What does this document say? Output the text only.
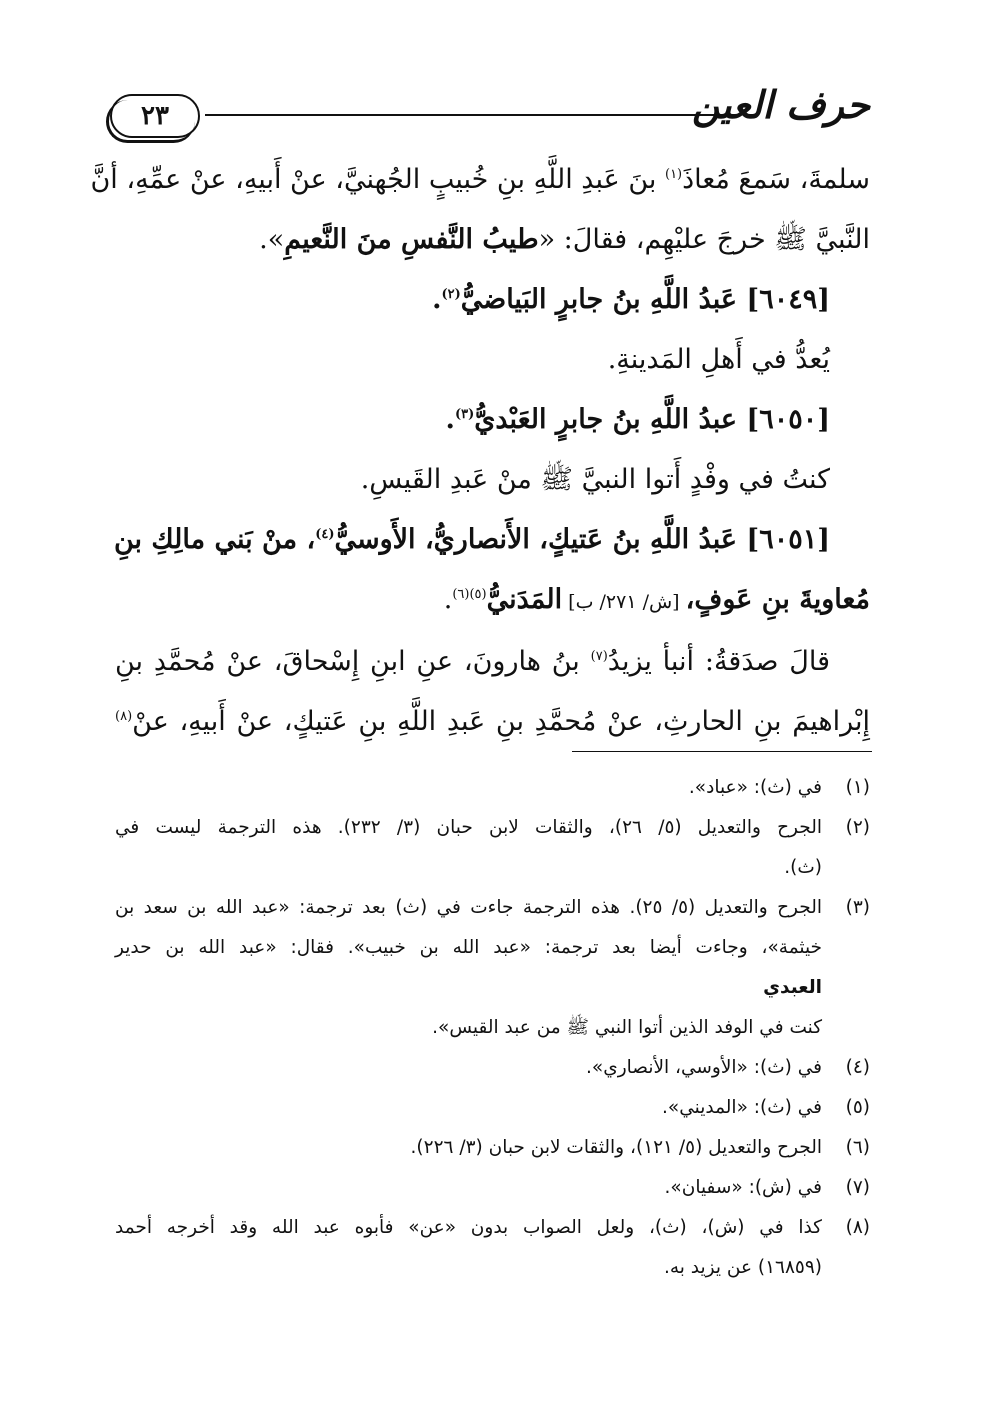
حرف العين
٢٣
سلمةَ، سَمعَ مُعاذَ$^{(١)}$ بنَ عَبدِ اللَّهِ بنِ خُبيبٍ الجُهنيَّ، عنْ أَبيهِ، عنْ عمِّهِ، أنَّ
النَّبيَّ ﷺ خرجَ عليْهِم، فقالَ: «طيبُ النَّفسِ منَ النَّعيمِ».
[٦٠٤٩] عَبدُ اللَّهِ بنُ جابرٍ البَياضيُّ$^{(٢)}$.
يُعدُّ في أَهلِ المَدينةِ.
[٦٠٥٠] عبدُ اللَّهِ بنُ جابرٍ العَبْديُّ$^{(٣)}$.
كنتُ في وفْدٍ أَتوا النبيَّ ﷺ منْ عَبدِ القَيسِ.
[٦٠٥١] عَبدُ اللَّهِ بنُ عَتيكٍ، الأَنصاريُّ، الأَوسيُّ$^{(٤)}$، منْ بَني مالِكِ بنِ
مُعاويةَ بنِ عَوفٍ، [ش/ ٢٧١/ ب] المَدَنيُّ$^{(٥)(٦)}$.
قالَ صدَقةُ: أنبأ يزيدُ$^{(٧)}$ بنُ هارونَ، عنِ ابنِ إِسْحاقَ، عنْ مُحمَّدِ بنِ
إِبْراهيمَ بنِ الحارثِ، عنْ مُحمَّدِ بنِ عَبدِ اللَّهِ بنِ عَتيكٍ، عنْ أَبيهِ، عنْ$^{(٨)}$
(١)
في (ث): «عباد».
(٢)
الجرح والتعديل (٥/ ٢٦)، والثقات لابن حبان (٣/ ٢٣٢). هذه الترجمة ليست في
(ث).
(٣)
الجرح والتعديل (٥/ ٢٥). هذه الترجمة جاءت في (ث) بعد ترجمة: «عبد الله بن سعد بن
خيثمة»، وجاءت أيضا بعد ترجمة: «عبد الله بن خبيب». فقال: «عبد الله بن حدير
العبدي
كنت في الوفد الذين أتوا النبي ﷺ من عبد القيس».
(٤)
في (ث): «الأوسي، الأنصاري».
(٥)
في (ث): «المديني».
(٦)
الجرح والتعديل (٥/ ١٢١)، والثقات لابن حبان (٣/ ٢٢٦).
(٧)
في (ش): «سفيان».
(٨)
كذا في (ش)، (ث)، ولعل الصواب بدون «عن» فأبوه عبد الله وقد أخرجه أحمد
(١٦٨٥٩) عن يزيد به.
